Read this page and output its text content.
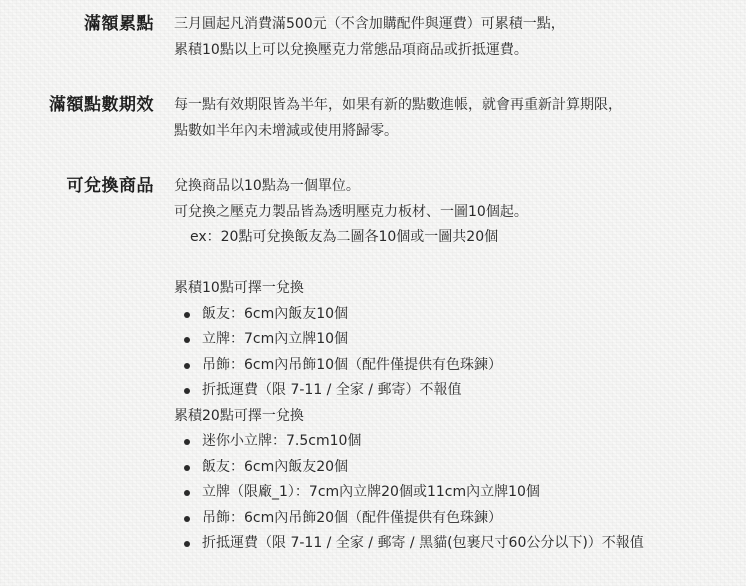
滿額累點 三月圓起凡消費滿500元（不含加購配件與運費）可累積一點，
累積10點以上可以兌換壓克力常態品項商品或折抵運費。
滿額點數期效 每一點有效期限皆為半年，如果有新的點數進帳，就會再重新計算期限，
點數如半年內未增減或使用將歸零。
可兌換商品 兌換商品以10點為一個單位。
可兌換之壓克力製品皆為透明壓克力板材、一圖10個起。
ex：20點可兌換飯友為二圖各10個或一圖共20個
累積10點可擇一兌換
飯友：6cm內飯友10個
立牌：7cm內立牌10個
吊飾：6cm內吊飾10個（配件僅提供有色珠鍊）
折抵運費（限 7-11 / 全家 / 郵寄）不報值
累積20點可擇一兌換
迷你小立牌：7.5cm10個
飯友：6cm內飯友20個
立牌（限廠_1）：7cm內立牌20個或11cm內立牌10個
吊飾：6cm內吊飾20個（配件僅提供有色珠鍊）
折抵運費（限 7-11 / 全家 / 郵寄 / 黑貓(包裹尺寸60公分以下)）不報值
